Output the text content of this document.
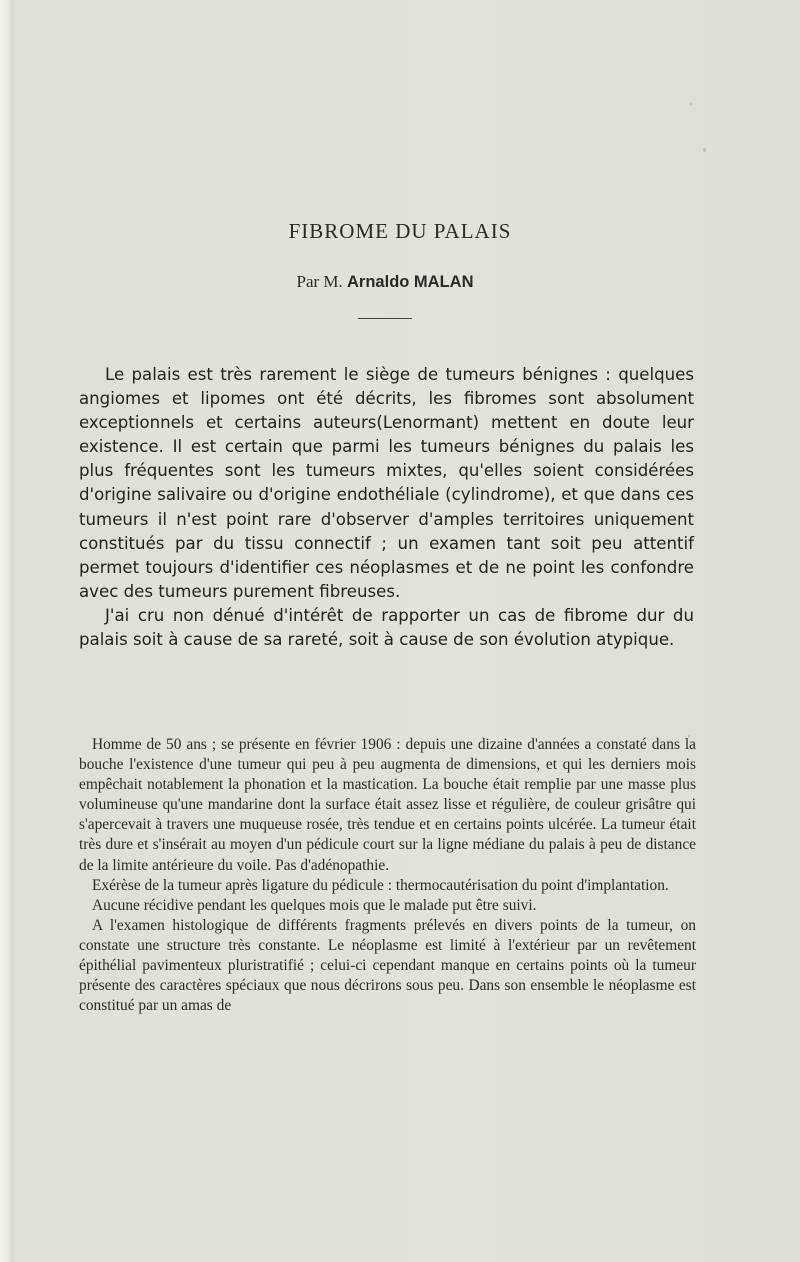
FIBROME DU PALAIS
Par M. Arnaldo MALAN

Le palais est très rarement le siège de tumeurs bénignes : quelques angiomes et lipomes ont été décrits, les fibromes sont absolument exceptionnels et certains auteurs(Lenormant) mettent en doute leur existence. Il est certain que parmi les tumeurs bénignes du palais les plus fréquentes sont les tumeurs mixtes, qu'elles soient considérées d'origine salivaire ou d'origine endothéliale (cylindrome), et que dans ces tumeurs il n'est point rare d'observer d'amples territoires uniquement constitués par du tissu connectif ; un examen tant soit peu attentif permet toujours d'identifier ces néoplasmes et de ne point les confondre avec des tumeurs purement fibreuses.

J'ai cru non dénué d'intérêt de rapporter un cas de fibrome dur du palais soit à cause de sa rareté, soit à cause de son évolution atypique.

Homme de 50 ans ; se présente en février 1906 : depuis une dizaine d'années a constaté dans la bouche l'existence d'une tumeur qui peu à peu augmenta de dimensions, et qui les derniers mois empêchait notablement la phonation et la mastication. La bouche était remplie par une masse plus volumineuse qu'une mandarine dont la surface était assez lisse et régulière, de couleur grisâtre qui s'apercevait à travers une muqueuse rosée, très tendue et en certains points ulcérée. La tumeur était très dure et s'insérait au moyen d'un pédicule court sur la ligne médiane du palais à peu de distance de la limite antérieure du voile. Pas d'adénopathie.

Exérèse de la tumeur après ligature du pédicule : thermocautérisation du point d'implantation.

Aucune récidive pendant les quelques mois que le malade put être suivi.

A l'examen histologique de différents fragments prélevés en divers points de la tumeur, on constate une structure très constante. Le néoplasme est limité à l'extérieur par un revêtement épithélial pavimenteux pluristratifié ; celui-ci cependant manque en certains points où la tumeur présente des caractères spéciaux que nous décrirons sous peu. Dans son ensemble le néoplasme est constitué par un amas de
